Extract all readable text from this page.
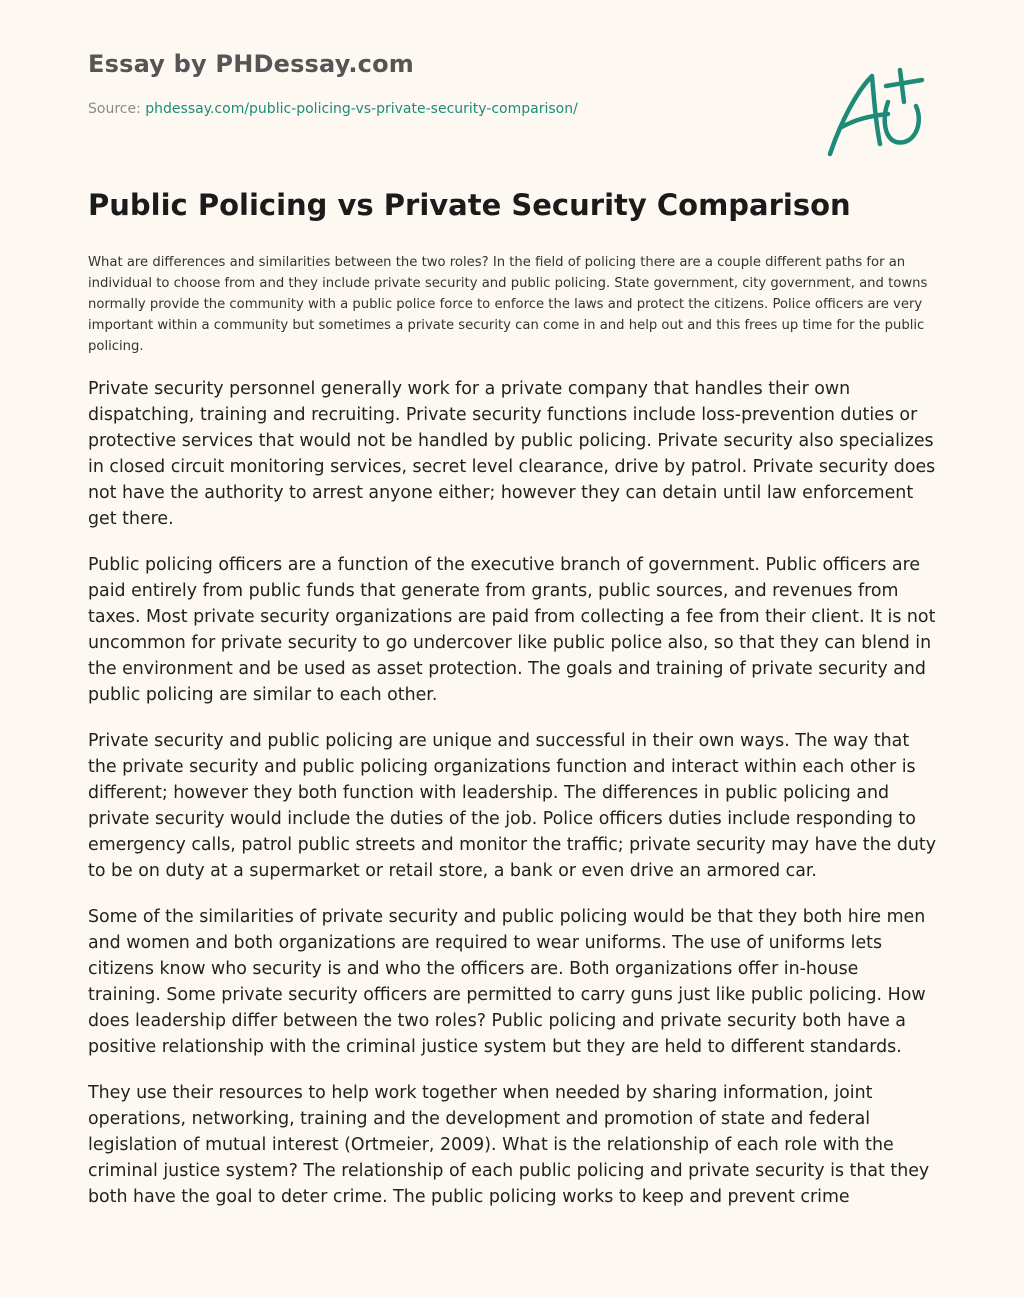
Essay by PHDessay.com
Source: phdessay.com/public-policing-vs-private-security-comparison/
Public Policing vs Private Security Comparison

What are differences and similarities between the two roles? In the field of policing there are a couple different paths for an individual to choose from and they include private security and public policing. State government, city government, and towns normally provide the community with a public police force to enforce the laws and protect the citizens. Police officers are very important within a community but sometimes a private security can come in and help out and this frees up time for the public policing.

Private security personnel generally work for a private company that handles their own dispatching, training and recruiting. Private security functions include loss-prevention duties or protective services that would not be handled by public policing. Private security also specializes in closed circuit monitoring services, secret level clearance, drive by patrol. Private security does not have the authority to arrest anyone either; however they can detain until law enforcement get there.

Public policing officers are a function of the executive branch of government. Public officers are paid entirely from public funds that generate from grants, public sources, and revenues from taxes. Most private security organizations are paid from collecting a fee from their client. It is not uncommon for private security to go undercover like public police also, so that they can blend in the environment and be used as asset protection. The goals and training of private security and public policing are similar to each other.

Private security and public policing are unique and successful in their own ways. The way that the private security and public policing organizations function and interact within each other is different; however they both function with leadership. The differences in public policing and private security would include the duties of the job. Police officers duties include responding to emergency calls, patrol public streets and monitor the traffic; private security may have the duty to be on duty at a supermarket or retail store, a bank or even drive an armored car.

Some of the similarities of private security and public policing would be that they both hire men and women and both organizations are required to wear uniforms. The use of uniforms lets citizens know who security is and who the officers are. Both organizations offer in-house training. Some private security officers are permitted to carry guns just like public policing. How does leadership differ between the two roles? Public policing and private security both have a positive relationship with the criminal justice system but they are held to different standards.

They use their resources to help work together when needed by sharing information, joint operations, networking, training and the development and promotion of state and federal legislation of mutual interest (Ortmeier, 2009). What is the relationship of each role with the criminal justice system? The relationship of each public policing and private security is that they both have the goal to deter crime. The public policing works to keep and prevent crime
